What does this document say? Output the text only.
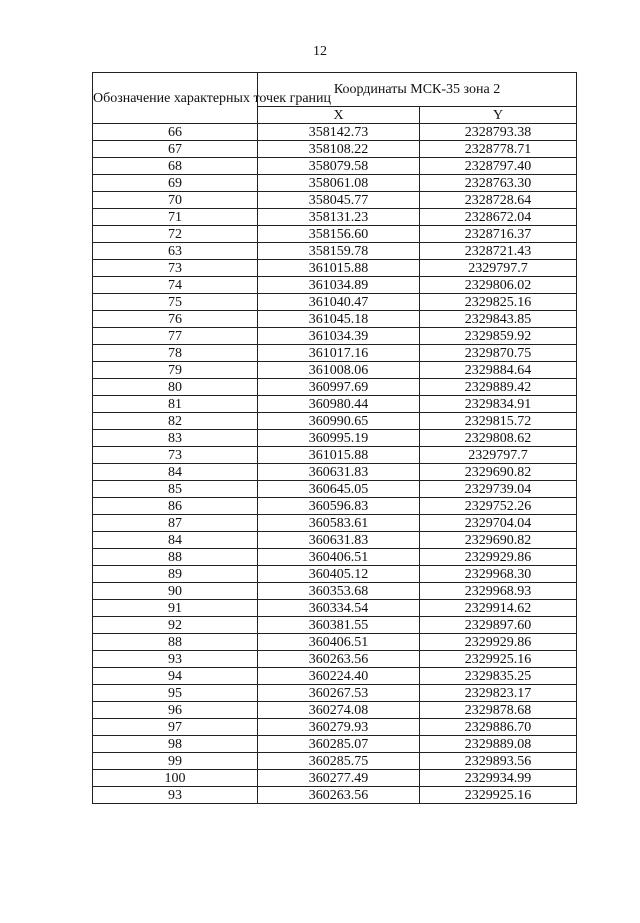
12
Обозначение характерных точек границ	Координаты МСК-35 зона 2	
	X	Y
66	358142.73	2328793.38
67	358108.22	2328778.71
68	358079.58	2328797.40
69	358061.08	2328763.30
70	358045.77	2328728.64
71	358131.23	2328672.04
72	358156.60	2328716.37
63	358159.78	2328721.43
73	361015.88	2329797.7
74	361034.89	2329806.02
75	361040.47	2329825.16
76	361045.18	2329843.85
77	361034.39	2329859.92
78	361017.16	2329870.75
79	361008.06	2329884.64
80	360997.69	2329889.42
81	360980.44	2329834.91
82	360990.65	2329815.72
83	360995.19	2329808.62
73	361015.88	2329797.7
84	360631.83	2329690.82
85	360645.05	2329739.04
86	360596.83	2329752.26
87	360583.61	2329704.04
84	360631.83	2329690.82
88	360406.51	2329929.86
89	360405.12	2329968.30
90	360353.68	2329968.93
91	360334.54	2329914.62
92	360381.55	2329897.60
88	360406.51	2329929.86
93	360263.56	2329925.16
94	360224.40	2329835.25
95	360267.53	2329823.17
96	360274.08	2329878.68
97	360279.93	2329886.70
98	360285.07	2329889.08
99	360285.75	2329893.56
100	360277.49	2329934.99
93	360263.56	2329925.16
